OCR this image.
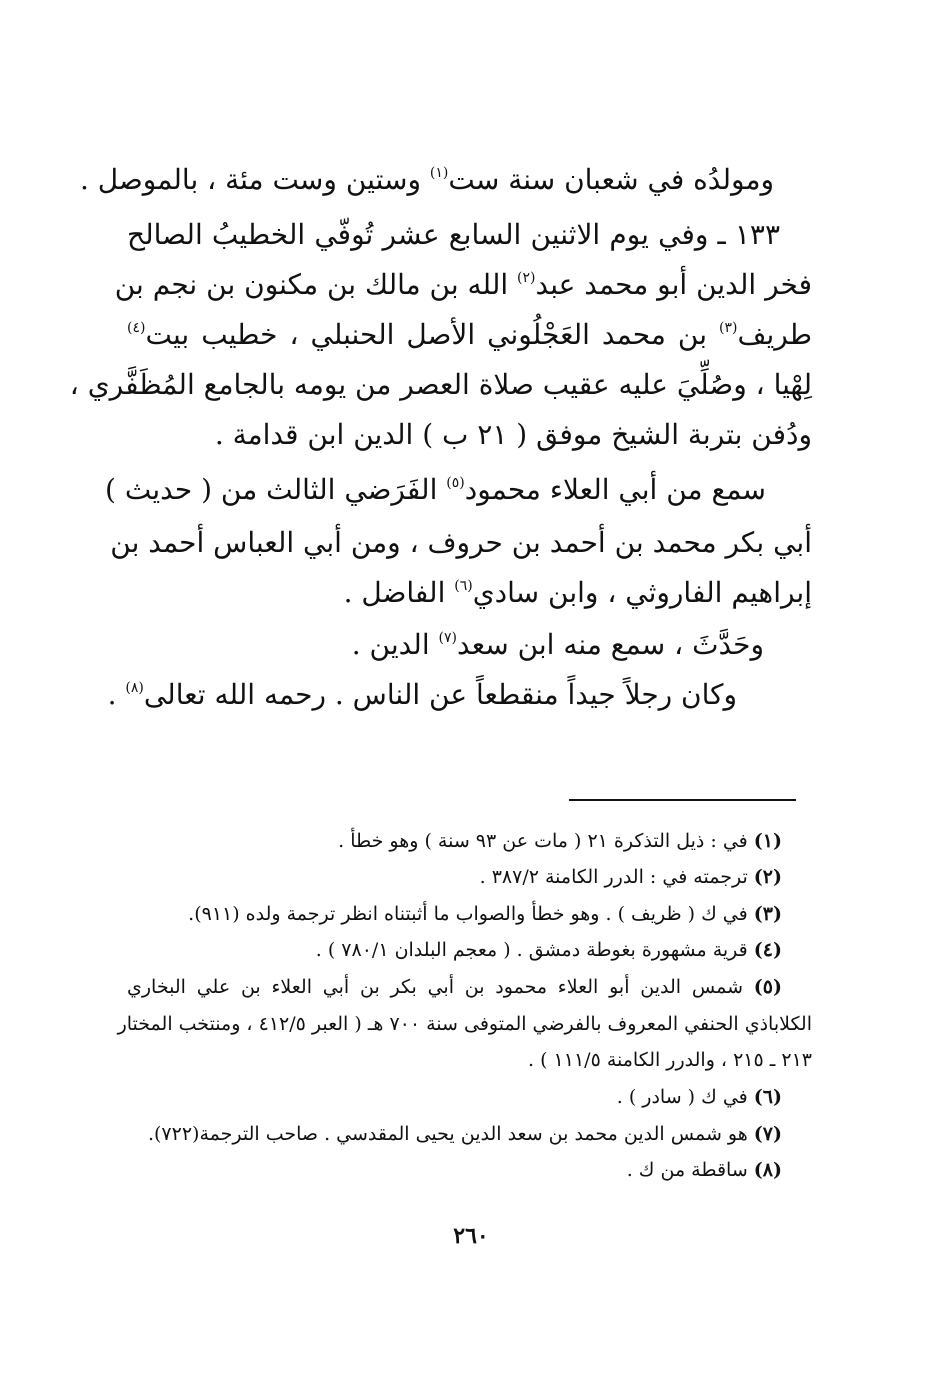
ومولدُه في شعبان سنة ست$^{(١)}$ وستين وست مئة ، بالموصل .
١٣٣ ـ وفي يوم الاثنين السابع عشر تُوفّي الخطيبُ الصالح
فخر الدين أبو محمد عبد$^{(٢)}$ الله بن مالك بن مكنون بن نجم بن
طريف$^{(٣)}$ بن محمد العَجْلُوني الأصل الحنبلي ، خطيب بيت$^{(٤)}$
لِهْيا ، وصُلِّيَ عليه عقيب صلاة العصر من يومه بالجامع المُظَفَّري ،
ودُفن بتربة الشيخ موفق ( ٢١ ب ) الدين ابن قدامة .
سمع من أبي العلاء محمود$^{(٥)}$ الفَرَضي الثالث من ( حديث )
أبي بكر محمد بن أحمد بن حروف ، ومن أبي العباس أحمد بن
إبراهيم الفاروثي ، وابن سادي$^{(٦)}$ الفاضل .
وحَدَّثَ ، سمع منه ابن سعد$^{(٧)}$ الدين .
وكان رجلاً جيداً منقطعاً عن الناس . رحمه الله تعالى$^{(٨)}$ .
(١) في : ذيل التذكرة ٢١ ( مات عن ٩٣ سنة ) وهو خطأ .
(٢) ترجمته في : الدرر الكامنة ٣٨٧/٢ .
(٣) في ك ( ظريف ) . وهو خطأ والصواب ما أثبتناه انظر ترجمة ولده (٩١١).
(٤) قرية مشهورة بغوطة دمشق . ( معجم البلدان ٧٨٠/١ ) .
(٥) شمس الدين أبو العلاء محمود بن أبي بكر بن أبي العلاء بن علي البخاري
الكلاباذي الحنفي المعروف بالفرضي المتوفى سنة ٧٠٠ هـ ( العبر ٤١٢/٥ ، ومنتخب المختار
٢١٣ ـ ٢١٥ ، والدرر الكامنة ١١١/٥ ) .
(٦) في ك ( سادر ) .
(٧) هو شمس الدين محمد بن سعد الدين يحيى المقدسي . صاحب الترجمة(٧٢٢).
(٨) ساقطة من ك .
٢٦٠
